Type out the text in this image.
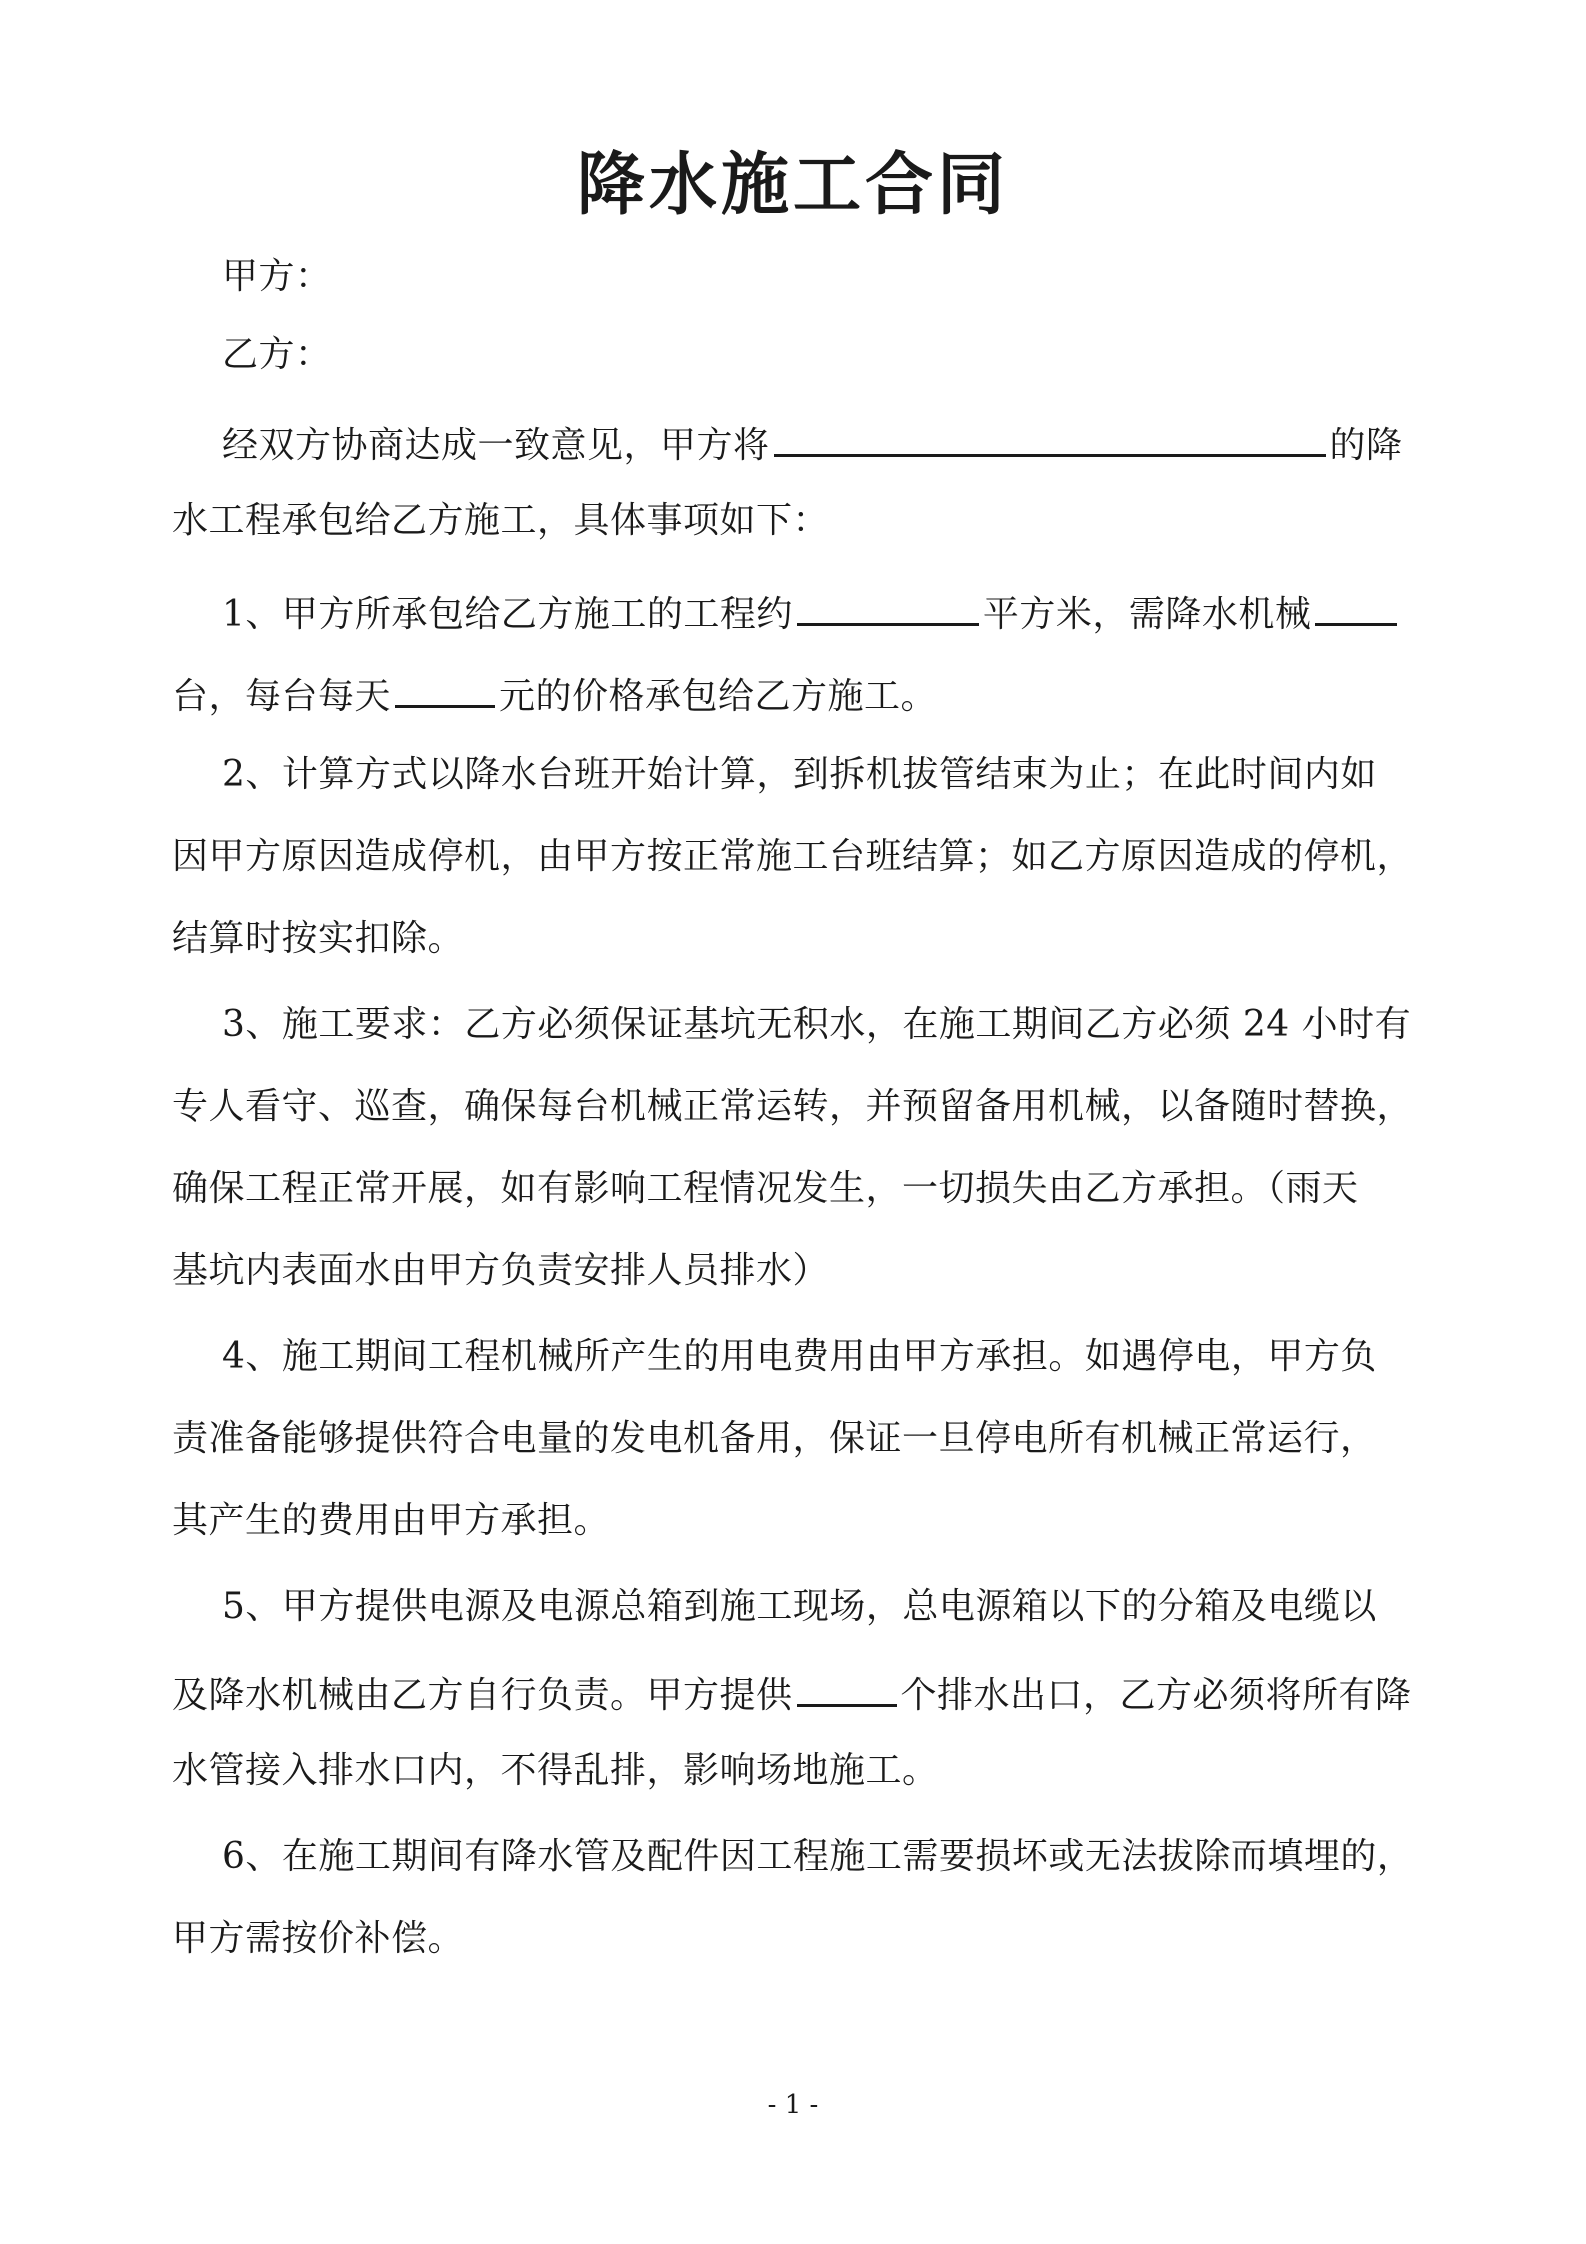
降水施工合同
甲方：
乙方：
经双方协商达成一致意见，甲方将	的降
水工程承包给乙方施工，具体事项如下：
1、甲方所承包给乙方施工的工程约	平方米，需降水机械
台，每台每天	元的价格承包给乙方施工。
2、计算方式以降水台班开始计算，到拆机拔管结束为止；在此时间内如
因甲方原因造成停机，由甲方按正常施工台班结算；如乙方原因造成的停机，
结算时按实扣除。
3、施工要求：乙方必须保证基坑无积水，在施工期间乙方必须 24 小时有
专人看守、巡查，确保每台机械正常运转，并预留备用机械，以备随时替换，
确保工程正常开展，如有影响工程情况发生，一切损失由乙方承担。（雨天
基坑内表面水由甲方负责安排人员排水）
4、施工期间工程机械所产生的用电费用由甲方承担。如遇停电，甲方负
责准备能够提供符合电量的发电机备用，保证一旦停电所有机械正常运行，
其产生的费用由甲方承担。
5、甲方提供电源及电源总箱到施工现场，总电源箱以下的分箱及电缆以
及降水机械由乙方自行负责。甲方提供	个排水出口，乙方必须将所有降
水管接入排水口内，不得乱排，影响场地施工。
6、在施工期间有降水管及配件因工程施工需要损坏或无法拔除而填埋的，
甲方需按价补偿。
- 1 -
